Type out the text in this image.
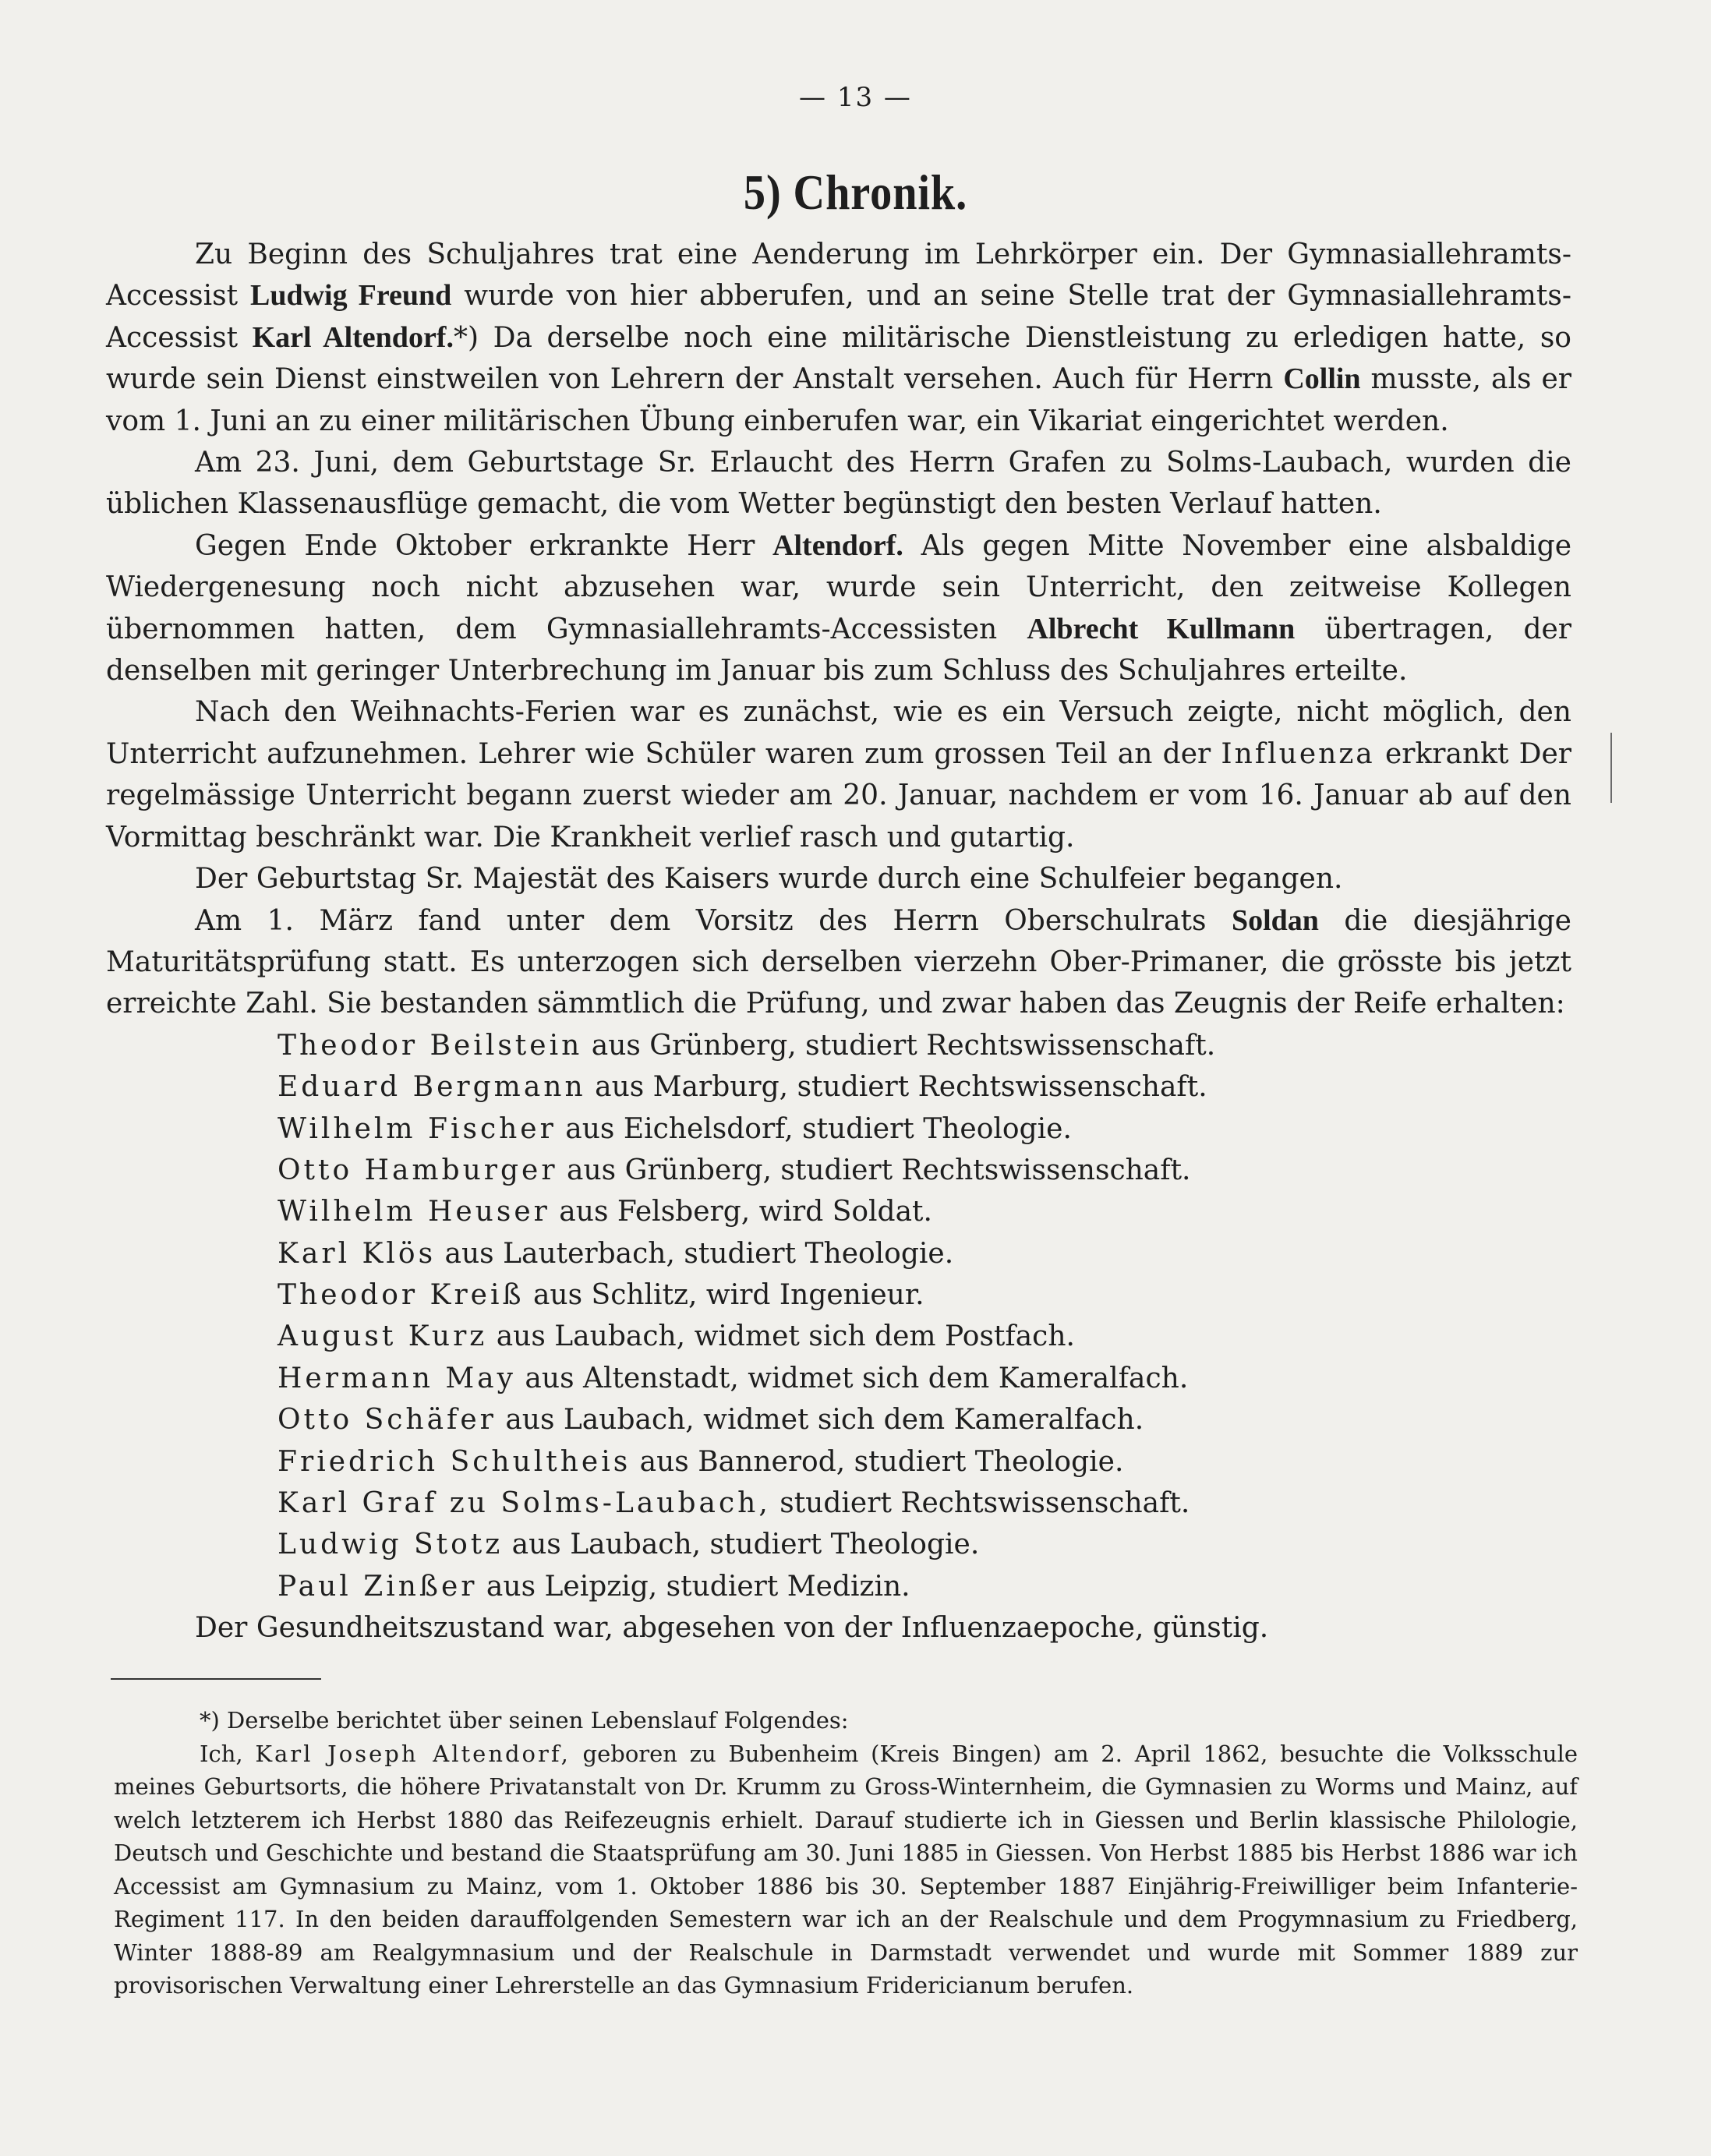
— 13 —
5) Chronik.

Zu Beginn des Schuljahres trat eine Aenderung im Lehrkörper ein. Der Gymnasiallehramts-Accessist Ludwig Freund wurde von hier abberufen, und an seine Stelle trat der Gymnasiallehramts-Accessist Karl Altendorf.*) Da derselbe noch eine militärische Dienstleistung zu erledigen hatte, so wurde sein Dienst einstweilen von Lehrern der Anstalt versehen. Auch für Herrn Collin musste, als er vom 1. Juni an zu einer militärischen Übung einberufen war, ein Vikariat eingerichtet werden.

Am 23. Juni, dem Geburtstage Sr. Erlaucht des Herrn Grafen zu Solms-Laubach, wurden die üblichen Klassenausflüge gemacht, die vom Wetter begünstigt den besten Verlauf hatten.

Gegen Ende Oktober erkrankte Herr Altendorf. Als gegen Mitte November eine alsbaldige Wiedergenesung noch nicht abzusehen war, wurde sein Unterricht, den zeitweise Kollegen übernommen hatten, dem Gymnasiallehramts-Accessisten Albrecht Kullmann übertragen, der denselben mit geringer Unterbrechung im Januar bis zum Schluss des Schuljahres erteilte.

Nach den Weihnachts-Ferien war es zunächst, wie es ein Versuch zeigte, nicht möglich, den Unterricht aufzunehmen. Lehrer wie Schüler waren zum grossen Teil an der Influenza erkrankt Der regelmässige Unterricht begann zuerst wieder am 20. Januar, nachdem er vom 16. Januar ab auf den Vormittag beschränkt war. Die Krankheit verlief rasch und gutartig.

Der Geburtstag Sr. Majestät des Kaisers wurde durch eine Schulfeier begangen.

Am 1. März fand unter dem Vorsitz des Herrn Oberschulrats Soldan die diesjährige Maturitätsprüfung statt. Es unterzogen sich derselben vierzehn Ober-Primaner, die grösste bis jetzt erreichte Zahl. Sie bestanden sämmtlich die Prüfung, und zwar haben das Zeugnis der Reife erhalten:

Theodor Beilstein aus Grünberg, studiert Rechtswissenschaft.
Eduard Bergmann aus Marburg, studiert Rechtswissenschaft.
Wilhelm Fischer aus Eichelsdorf, studiert Theologie.
Otto Hamburger aus Grünberg, studiert Rechtswissenschaft.
Wilhelm Heuser aus Felsberg, wird Soldat.
Karl Klös aus Lauterbach, studiert Theologie.
Theodor Kreiß aus Schlitz, wird Ingenieur.
August Kurz aus Laubach, widmet sich dem Postfach.
Hermann May aus Altenstadt, widmet sich dem Kameralfach.
Otto Schäfer aus Laubach, widmet sich dem Kameralfach.
Friedrich Schultheis aus Bannerod, studiert Theologie.
Karl Graf zu Solms-Laubach, studiert Rechtswissenschaft.
Ludwig Stotz aus Laubach, studiert Theologie.
Paul Zinßer aus Leipzig, studiert Medizin.

Der Gesundheitszustand war, abgesehen von der Influenzaepoche, günstig.

*) Derselbe berichtet über seinen Lebenslauf Folgendes:

Ich, Karl Joseph Altendorf, geboren zu Bubenheim (Kreis Bingen) am 2. April 1862, besuchte die Volksschule meines Geburtsorts, die höhere Privatanstalt von Dr. Krumm zu Gross-Winternheim, die Gymnasien zu Worms und Mainz, auf welch letzterem ich Herbst 1880 das Reifezeugnis erhielt. Darauf studierte ich in Giessen und Berlin klassische Philologie, Deutsch und Geschichte und bestand die Staatsprüfung am 30. Juni 1885 in Giessen. Von Herbst 1885 bis Herbst 1886 war ich Accessist am Gymnasium zu Mainz, vom 1. Oktober 1886 bis 30. September 1887 Einjährig-Freiwilliger beim Infanterie-Regiment 117. In den beiden darauffolgenden Semestern war ich an der Realschule und dem Progymnasium zu Friedberg, Winter 1888-89 am Realgymnasium und der Realschule in Darmstadt verwendet und wurde mit Sommer 1889 zur provisorischen Verwaltung einer Lehrerstelle an das Gymnasium Fridericianum berufen.
